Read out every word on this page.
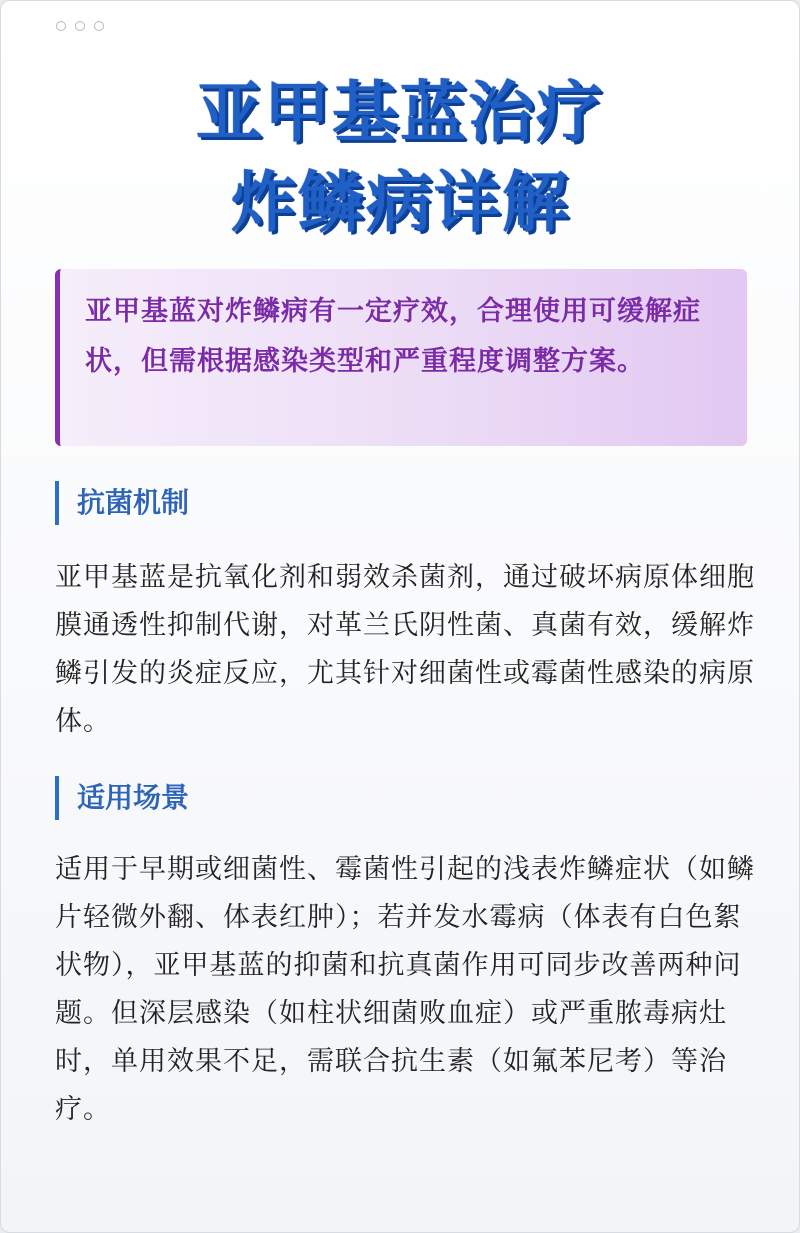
亚甲基蓝治疗
炸鳞病详解
亚甲基蓝对炸鳞病有一定疗效，合理使用可缓解症状，但需根据感染类型和严重程度调整方案。
抗菌机制
亚甲基蓝是抗氧化剂和弱效杀菌剂，通过破坏病原体细胞膜通透性抑制代谢，对革兰氏阴性菌、真菌有效，缓解炸鳞引发的炎症反应，尤其针对细菌性或霉菌性感染的病原体。
适用场景
适用于早期或细菌性、霉菌性引起的浅表炸鳞症状（如鳞片轻微外翻、体表红肿）；若并发水霉病（体表有白色絮状物），亚甲基蓝的抑菌和抗真菌作用可同步改善两种问题。但深层感染（如柱状细菌败血症）或严重脓毒病灶时，单用效果不足，需联合抗生素（如氟苯尼考）等治疗。
